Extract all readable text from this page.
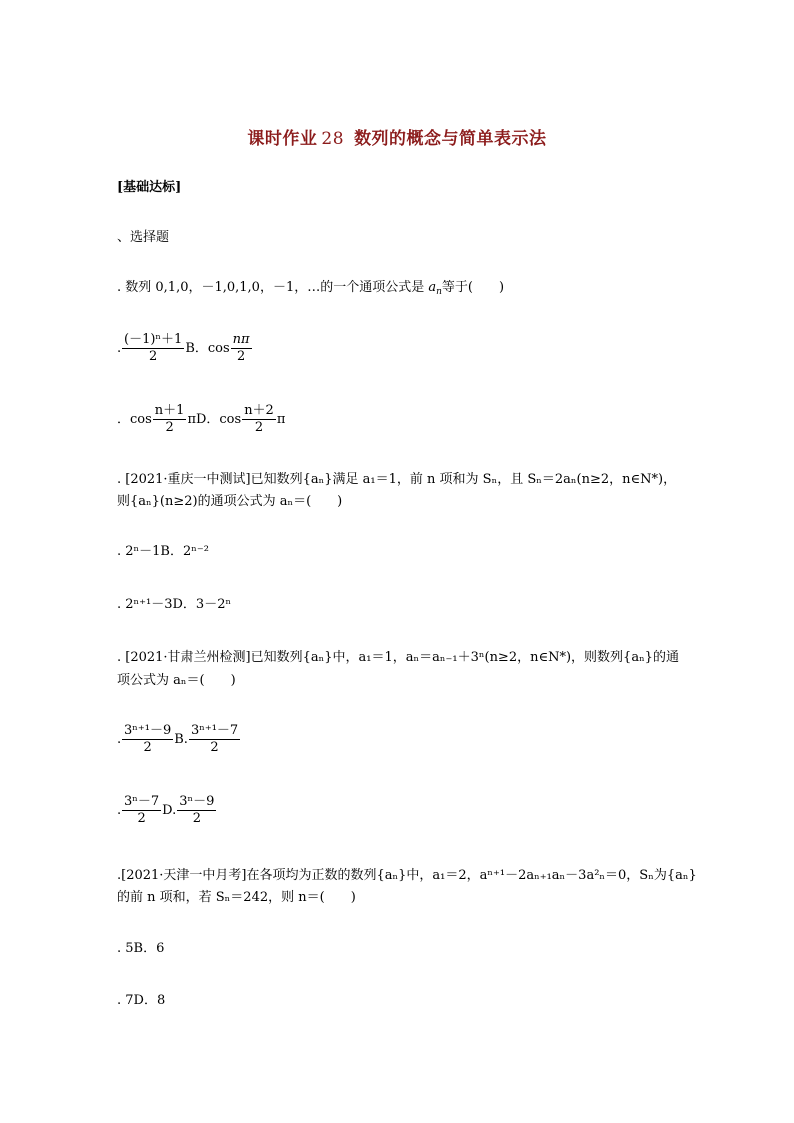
课时作业 28 数列的概念与简单表示法
[基础达标]
、选择题
. 数列 0,1,0，－1,0,1,0，－1，…的一个通项公式是 $a_n$等于(　　)
. $\frac{\text{(－1)ⁿ＋1}}{2}$ B．$\cos \frac{n\pi}{2}$
．$\cos \frac{n+1}{2}$ πD．$\cos \frac{n+2}{2}$ π
. [2021·重庆一中测试]已知数列{aₙ}满足 a₁＝1，前 n 项和为 Sₙ，且 Sₙ＝2aₙ(n≥2，n∈N*)，
则{aₙ}(n≥2)的通项公式为 aₙ＝(　　)
. 2ⁿ－1B．2ⁿ⁻²
. 2ⁿ⁺¹－3D．3－2ⁿ
. [2021·甘肃兰州检测]已知数列{aₙ}中，a₁＝1，aₙ＝aₙ₋₁＋3ⁿ(n≥2，n∈N*)，则数列{aₙ}的通
项公式为 aₙ＝(　　)
. $\frac{\text{3ⁿ⁺¹－9}}{2} B$. $\frac{\text{3ⁿ⁺¹－7}}{2}$
. $\frac{\text{3ⁿ－7}}{2} D$. $\frac{\text{3ⁿ－9}}{2}$
.[2021·天津一中月考]在各项均为正数的数列{aₙ}中，a₁＝2，aⁿ⁺¹－2aₙ₊₁aₙ－3a²ₙ＝0，Sₙ为{aₙ}
的前 n 项和，若 Sₙ＝242，则 n＝(　　)
. 5B．6
. 7D．8
